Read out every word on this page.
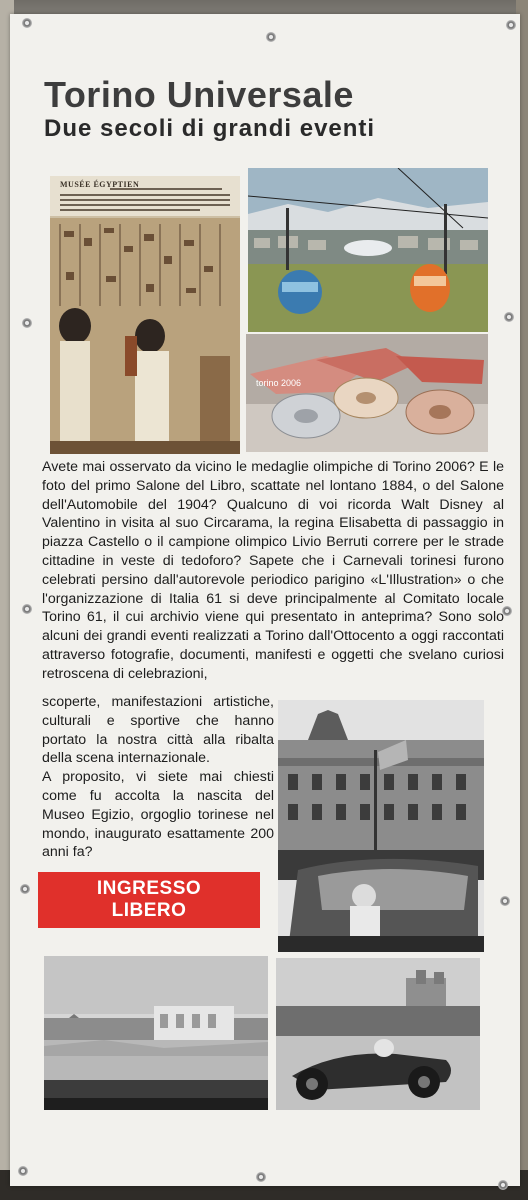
Torino Universale
Due secoli di grandi eventi
MUSÉE ÉGYPTIEN
torino 2006
Avete mai osservato da vicino le medaglie olimpiche di Torino 2006? E le foto del primo Salone del Libro, scattate nel lontano 1884, o del Salone dell'Automobile del 1904? Qualcuno di voi ricorda Walt Disney al Valentino in visita al suo Circarama, la regina Elisabetta di passaggio in piazza Castello o il campione olimpico Livio Berruti correre per le strade cittadine in veste di tedoforo? Sapete che i Carnevali torinesi furono celebrati persino dall'autorevole periodico parigino «L'Illustration» o che l'organizzazione di Italia 61 si deve principalmente al Comitato locale Torino 61, il cui archivio viene qui presentato in anteprima? Sono solo alcuni dei grandi eventi realizzati a Torino dall'Ottocento a oggi raccontati attraverso fotografie, documenti, manifesti e oggetti che svelano curiosi retroscena di celebrazioni,

scoperte, manifestazioni artistiche, culturali e sportive che hanno portato la nostra città alla ribalta della scena internazionale.

A proposito, vi siete mai chiesti come fu accolta la nascita del Museo Egizio, orgoglio torinese nel mondo, inaugurato esattamente 200 anni fa?

INGRESSO
LIBERO
